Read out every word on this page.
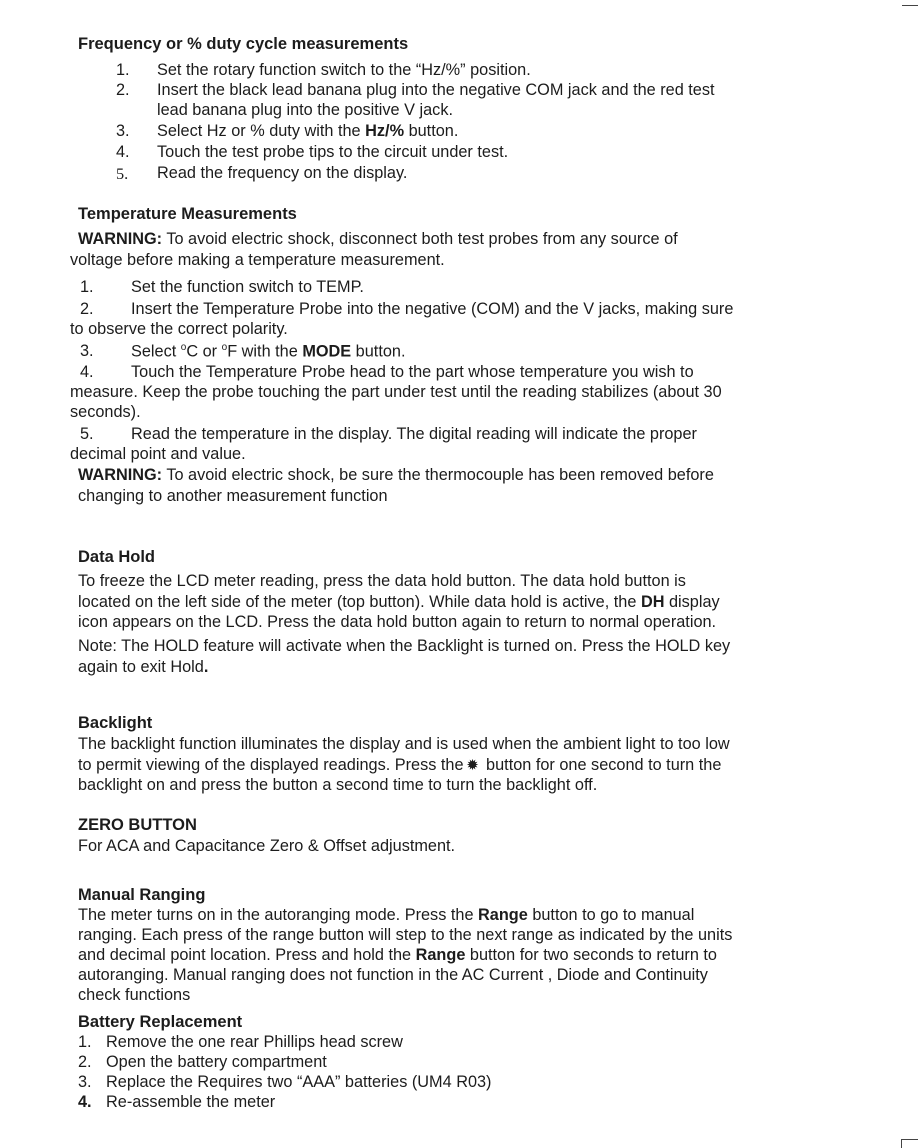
Frequency or % duty cycle measurements
1. Set the rotary function switch to the “Hz/%” position.
2. Insert the black lead banana plug into the negative COM jack and the red test
lead banana plug into the positive V jack.
3. Select Hz or % duty with the Hz/% button.
4. Touch the test probe tips to the circuit under test.
5. Read the frequency on the display.
Temperature Measurements
WARNING: To avoid electric shock, disconnect both test probes from any source of
voltage before making a temperature measurement.
1. Set the function switch to TEMP.
2. Insert the Temperature Probe into the negative (COM) and the V jacks, making sure
to observe the correct polarity.
3. Select $^o$C or $^o$F with the MODE button.
4. Touch the Temperature Probe head to the part whose temperature you wish to
measure. Keep the probe touching the part under test until the reading stabilizes (about 30
seconds).
5. Read the temperature in the display. The digital reading will indicate the proper
decimal point and value.
WARNING: To avoid electric shock, be sure the thermocouple has been removed before
changing to another measurement function
Data Hold
To freeze the LCD meter reading, press the data hold button. The data hold button is
located on the left side of the meter (top button). While data hold is active, the DH display
icon appears on the LCD. Press the data hold button again to return to normal operation.
Note: The HOLD feature will activate when the Backlight is turned on. Press the HOLD key
again to exit Hold.
Backlight
The backlight function illuminates the display and is used when the ambient light to too low
to permit viewing of the displayed readings. Press the ✹ button for one second to turn the
backlight on and press the button a second time to turn the backlight off.
ZERO BUTTON
For ACA and Capacitance Zero & Offset adjustment.
Manual Ranging
The meter turns on in the autoranging mode. Press the Range button to go to manual
ranging. Each press of the range button will step to the next range as indicated by the units
and decimal point location. Press and hold the Range button for two seconds to return to
autoranging. Manual ranging does not function in the AC Current , Diode and Continuity
check functions
Battery Replacement
1. Remove the one rear Phillips head screw
2. Open the battery compartment
3. Replace the Requires two “AAA” batteries (UM4 R03)
4. Re-assemble the meter
